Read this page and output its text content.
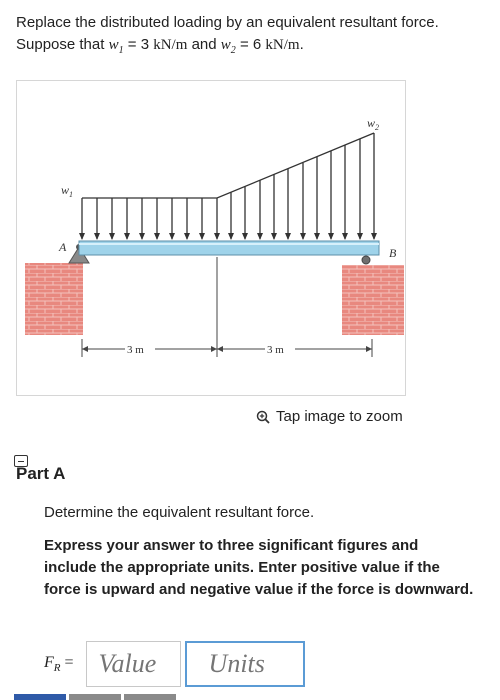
Replace the distributed loading by an equivalent resultant force.
Suppose that $w_1 = 3$ kN/m and $w_2 = 6$ kN/m.
$w_1$
$w_2$
A	B
3 m	3 m
Tap image to zoom
Part A
Determine the equivalent resultant force.
Express your answer to three significant figures and include the appropriate units. Enter positive value if the force is upward and negative value if the force is downward.
$F_R$ =
Value
Units
